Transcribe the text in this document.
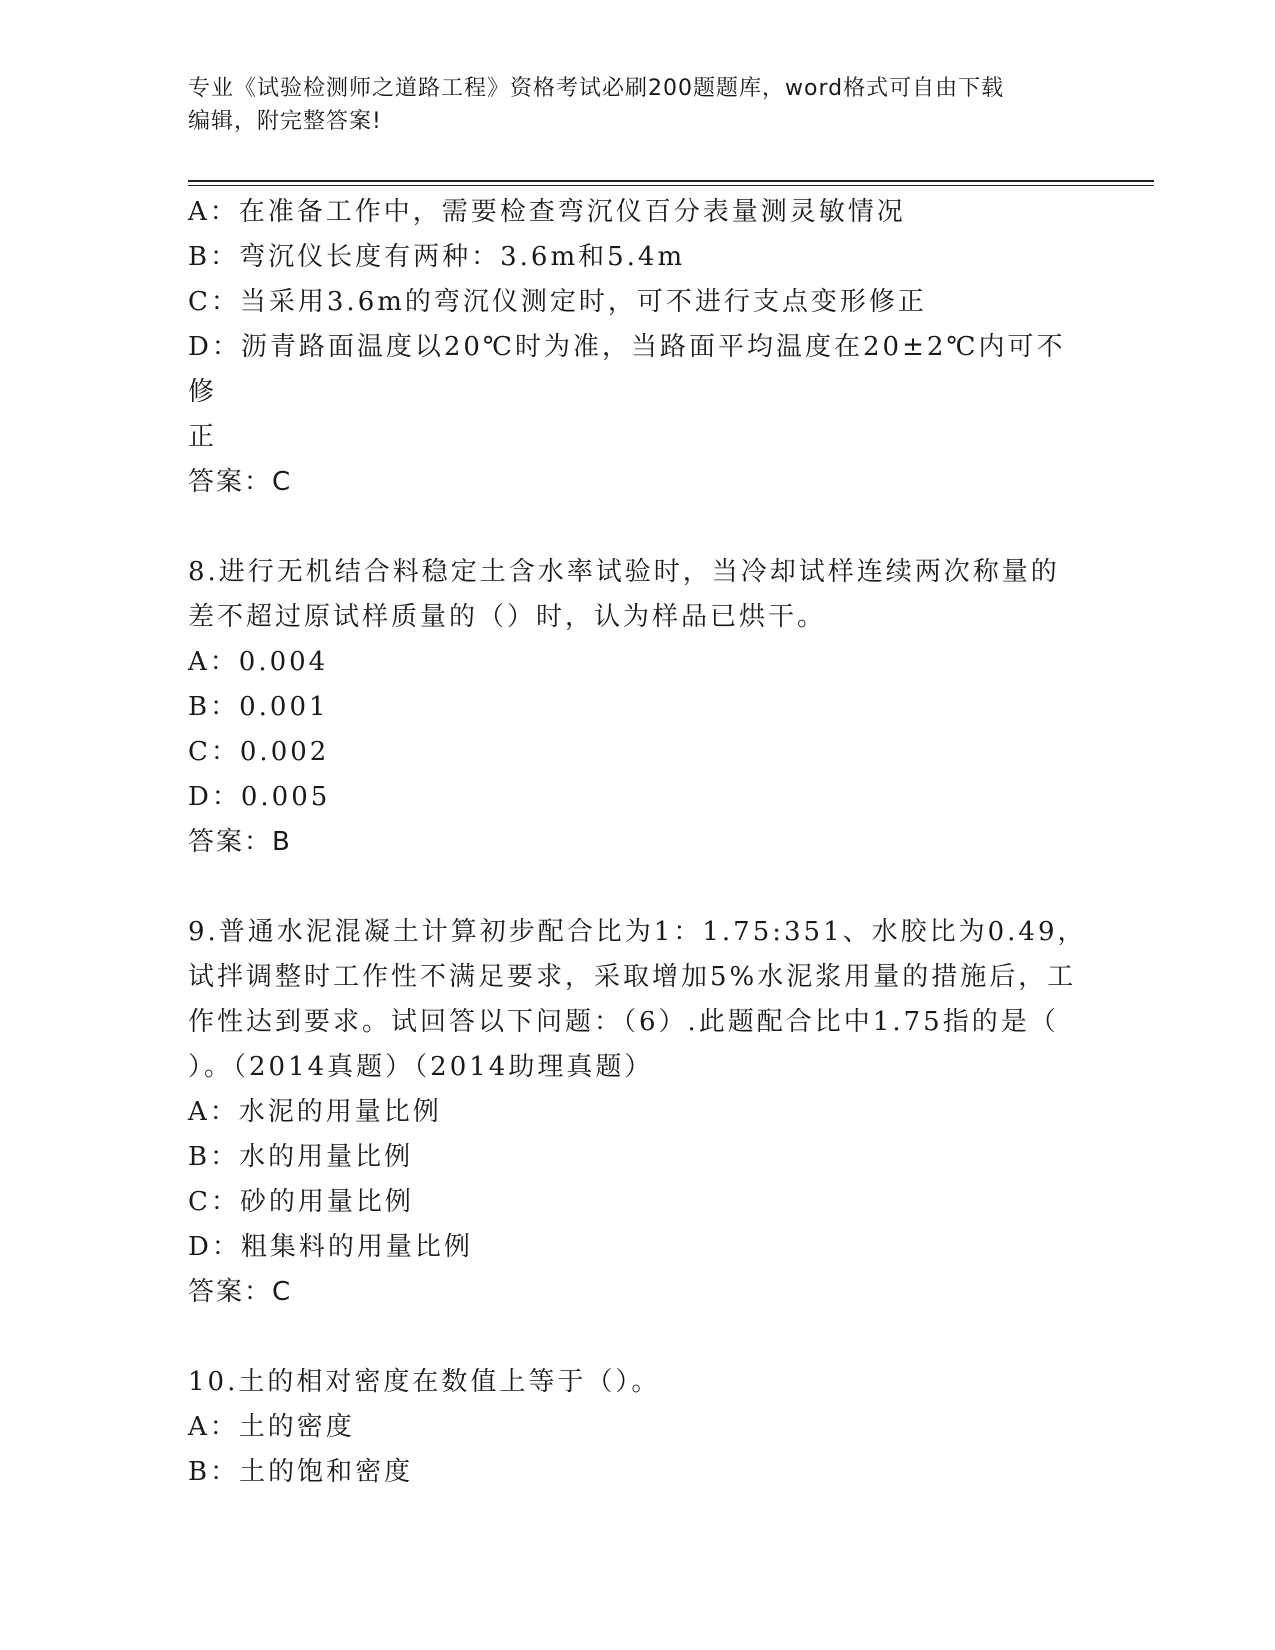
专业《试验检测师之道路工程》资格考试必刷200题题库，word格式可自由下载
编辑，附完整答案!
A：在准备工作中，需要检查弯沉仪百分表量测灵敏情况
B：弯沉仪长度有两种：3.6m和5.4m
C：当采用3.6m的弯沉仪测定时，可不进行支点变形修正
D：沥青路面温度以20℃时为准，当路面平均温度在20±2℃内可不修
正
答案：C
8.进行无机结合料稳定土含水率试验时，当冷却试样连续两次称量的
差不超过原试样质量的（）时，认为样品已烘干。
A：0.004
B：0.001
C：0.002
D：0.005
答案：B
9.普通水泥混凝土计算初步配合比为1：1.75:351、水胶比为0.49，
试拌调整时工作性不满足要求，采取增加5%水泥浆用量的措施后，工
作性达到要求。试回答以下问题：（6）.此题配合比中1.75指的是（
）。（2014真题）（2014助理真题）
A：水泥的用量比例
B：水的用量比例
C：砂的用量比例
D：粗集料的用量比例
答案：C
10.土的相对密度在数值上等于（）。
A：土的密度
B：土的饱和密度
